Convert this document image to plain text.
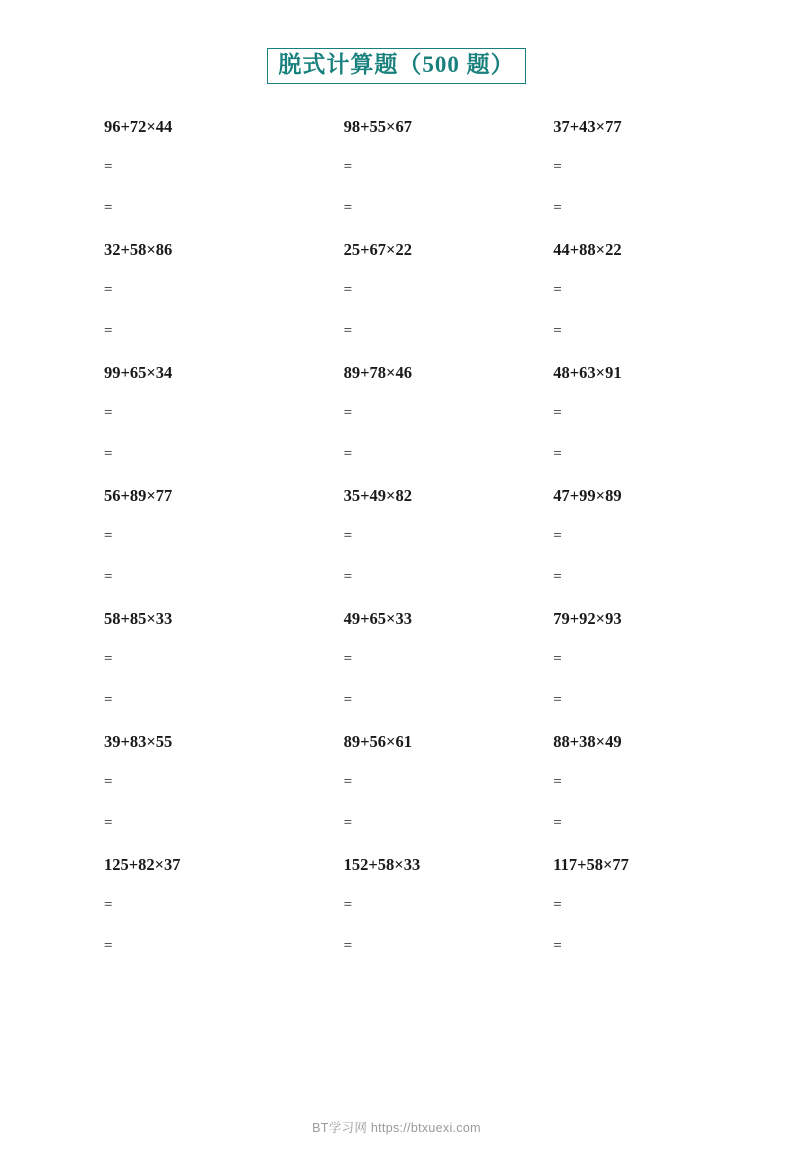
脱式计算题（500 题）
96+72×44	98+55×67	37+43×77
=	=	=
=	=	=
32+58×86	25+67×22	44+88×22
=	=	=
=	=	=
99+65×34	89+78×46	48+63×91
=	=	=
=	=	=
56+89×77	35+49×82	47+99×89
=	=	=
=	=	=
58+85×33	49+65×33	79+92×93
=	=	=
=	=	=
39+83×55	89+56×61	88+38×49
=	=	=
=	=	=
125+82×37	152+58×33	117+58×77
=	=	=
=	=	=
BT学习网 https://btxuexi.com
